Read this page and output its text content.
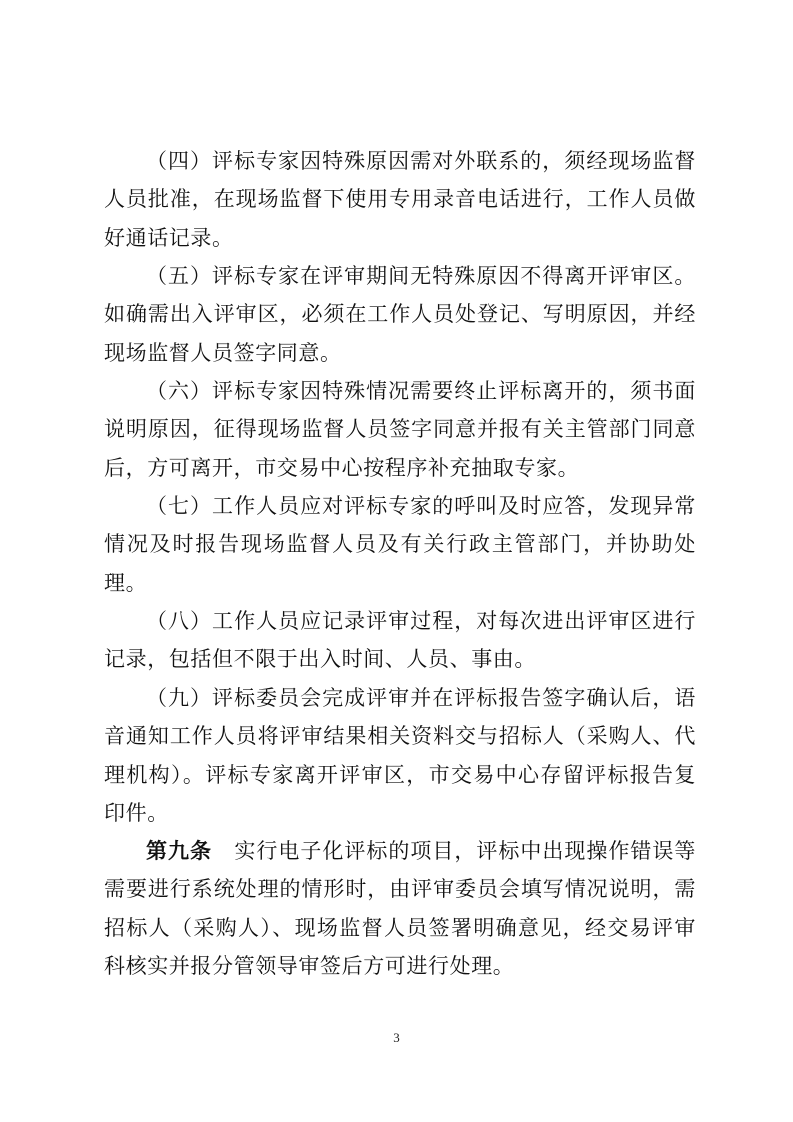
（四）评标专家因特殊原因需对外联系的，须经现场监督人员批准，在现场监督下使用专用录音电话进行，工作人员做好通话记录。

（五）评标专家在评审期间无特殊原因不得离开评审区。如确需出入评审区，必须在工作人员处登记、写明原因，并经现场监督人员签字同意。

（六）评标专家因特殊情况需要终止评标离开的，须书面说明原因，征得现场监督人员签字同意并报有关主管部门同意后，方可离开，市交易中心按程序补充抽取专家。

（七）工作人员应对评标专家的呼叫及时应答，发现异常情况及时报告现场监督人员及有关行政主管部门，并协助处理。

（八）工作人员应记录评审过程，对每次进出评审区进行记录，包括但不限于出入时间、人员、事由。

（九）评标委员会完成评审并在评标报告签字确认后，语音通知工作人员将评审结果相关资料交与招标人（采购人、代理机构）。评标专家离开评审区，市交易中心存留评标报告复印件。

第九条 实行电子化评标的项目，评标中出现操作错误等需要进行系统处理的情形时，由评审委员会填写情况说明，需招标人（采购人）、现场监督人员签署明确意见，经交易评审科核实并报分管领导审签后方可进行处理。

3
